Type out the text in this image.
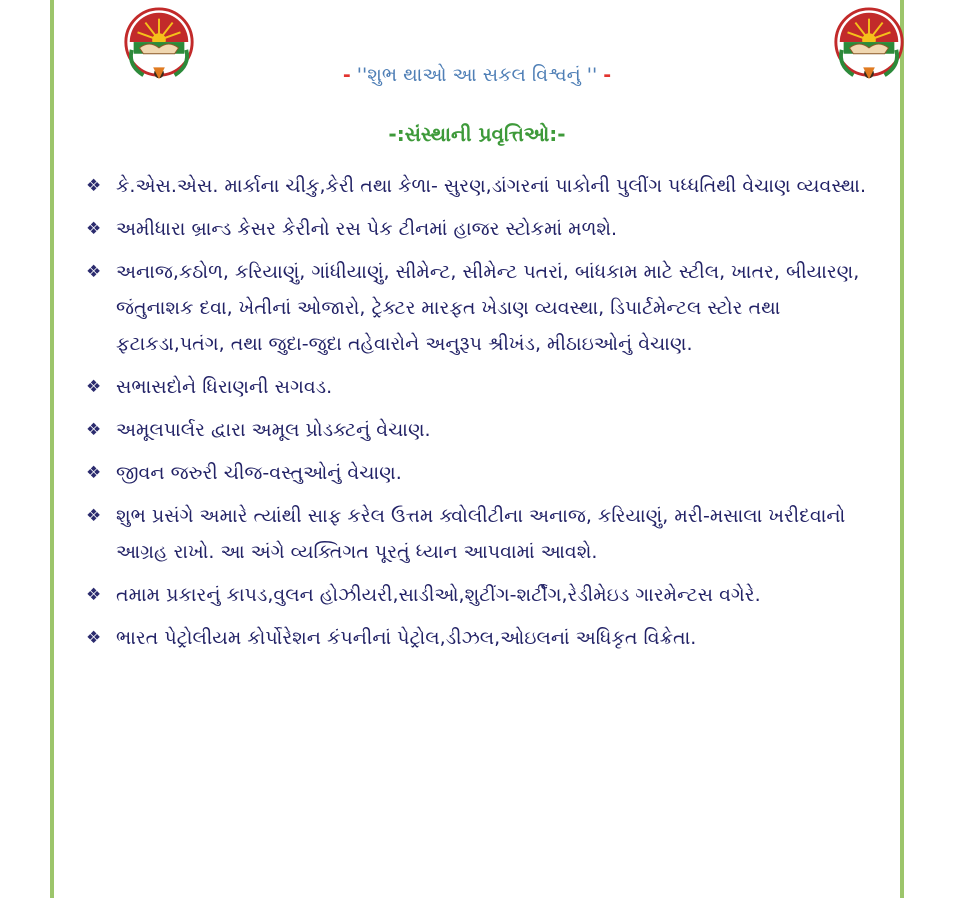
- ''શુભ થાઓ આ સકલ વિશ્વનું '' -
-:સંસ્થાની પ્રવૃત્તિઓ:-
❖ કે.એસ.એસ. માર્કાના ચીકુ,કેરી તથા કેળા- સુરણ,ડાંગરનાં પાકોની પુલીંગ પધ્ધતિથી વેચાણ વ્યવસ્થા.
❖ અમીધારા બ્રાન્ડ કેસર કેરીનો રસ પેક ટીનમાં હાજર સ્ટોકમાં મળશે.
❖ અનાજ,કઠોળ, કરિયાણું, ગાંધીયાણું, સીમેન્ટ, સીમેન્ટ પતરાં, બાંધકામ માટે સ્ટીલ, ખાતર, બીયારણ, જંતુનાશક દવા, ખેતીનાં ઓજારો, ટ્રેક્ટર મારફત ખેડાણ વ્યવસ્થા, ડિપાર્ટમેન્ટલ સ્ટોર તથા ફટાકડા,પતંગ, તથા જુદા-જુદા તહેવારોને અનુરૂપ શ્રીખંડ, મીઠાઇઓનું વેચાણ.
❖ સભાસદોને ધિરાણની સગવડ.
❖ અમૂલપાર્લર દ્વારા અમૂલ પ્રોડક્ટનું વેચાણ.
❖ જીવન જરુરી ચીજ-વસ્તુઓનું વેચાણ.
❖ શુભ પ્રસંગે અમારે ત્યાંથી સાફ કરેલ ઉત્તમ ક્વોલીટીના અનાજ, કરિયાણું, મરી-મસાલા ખરીદવાનો આગ્રહ રાખો. આ અંગે વ્યક્તિગત પૂરતું ધ્યાન આપવામાં આવશે.
❖ તમામ પ્રકારનું કાપડ,વુલન હોઝીયરી,સાડીઓ,શુટીંગ-શર્ટીંગ,રેડીમેઇડ ગારમેન્ટસ વગેરે.
❖ ભારત પેટ્રોલીયમ કોર્પોરેશન કંપનીનાં પેટ્રોલ,ડીઝલ,ઓઇલનાં અધિકૃત વિક્રેતા.
